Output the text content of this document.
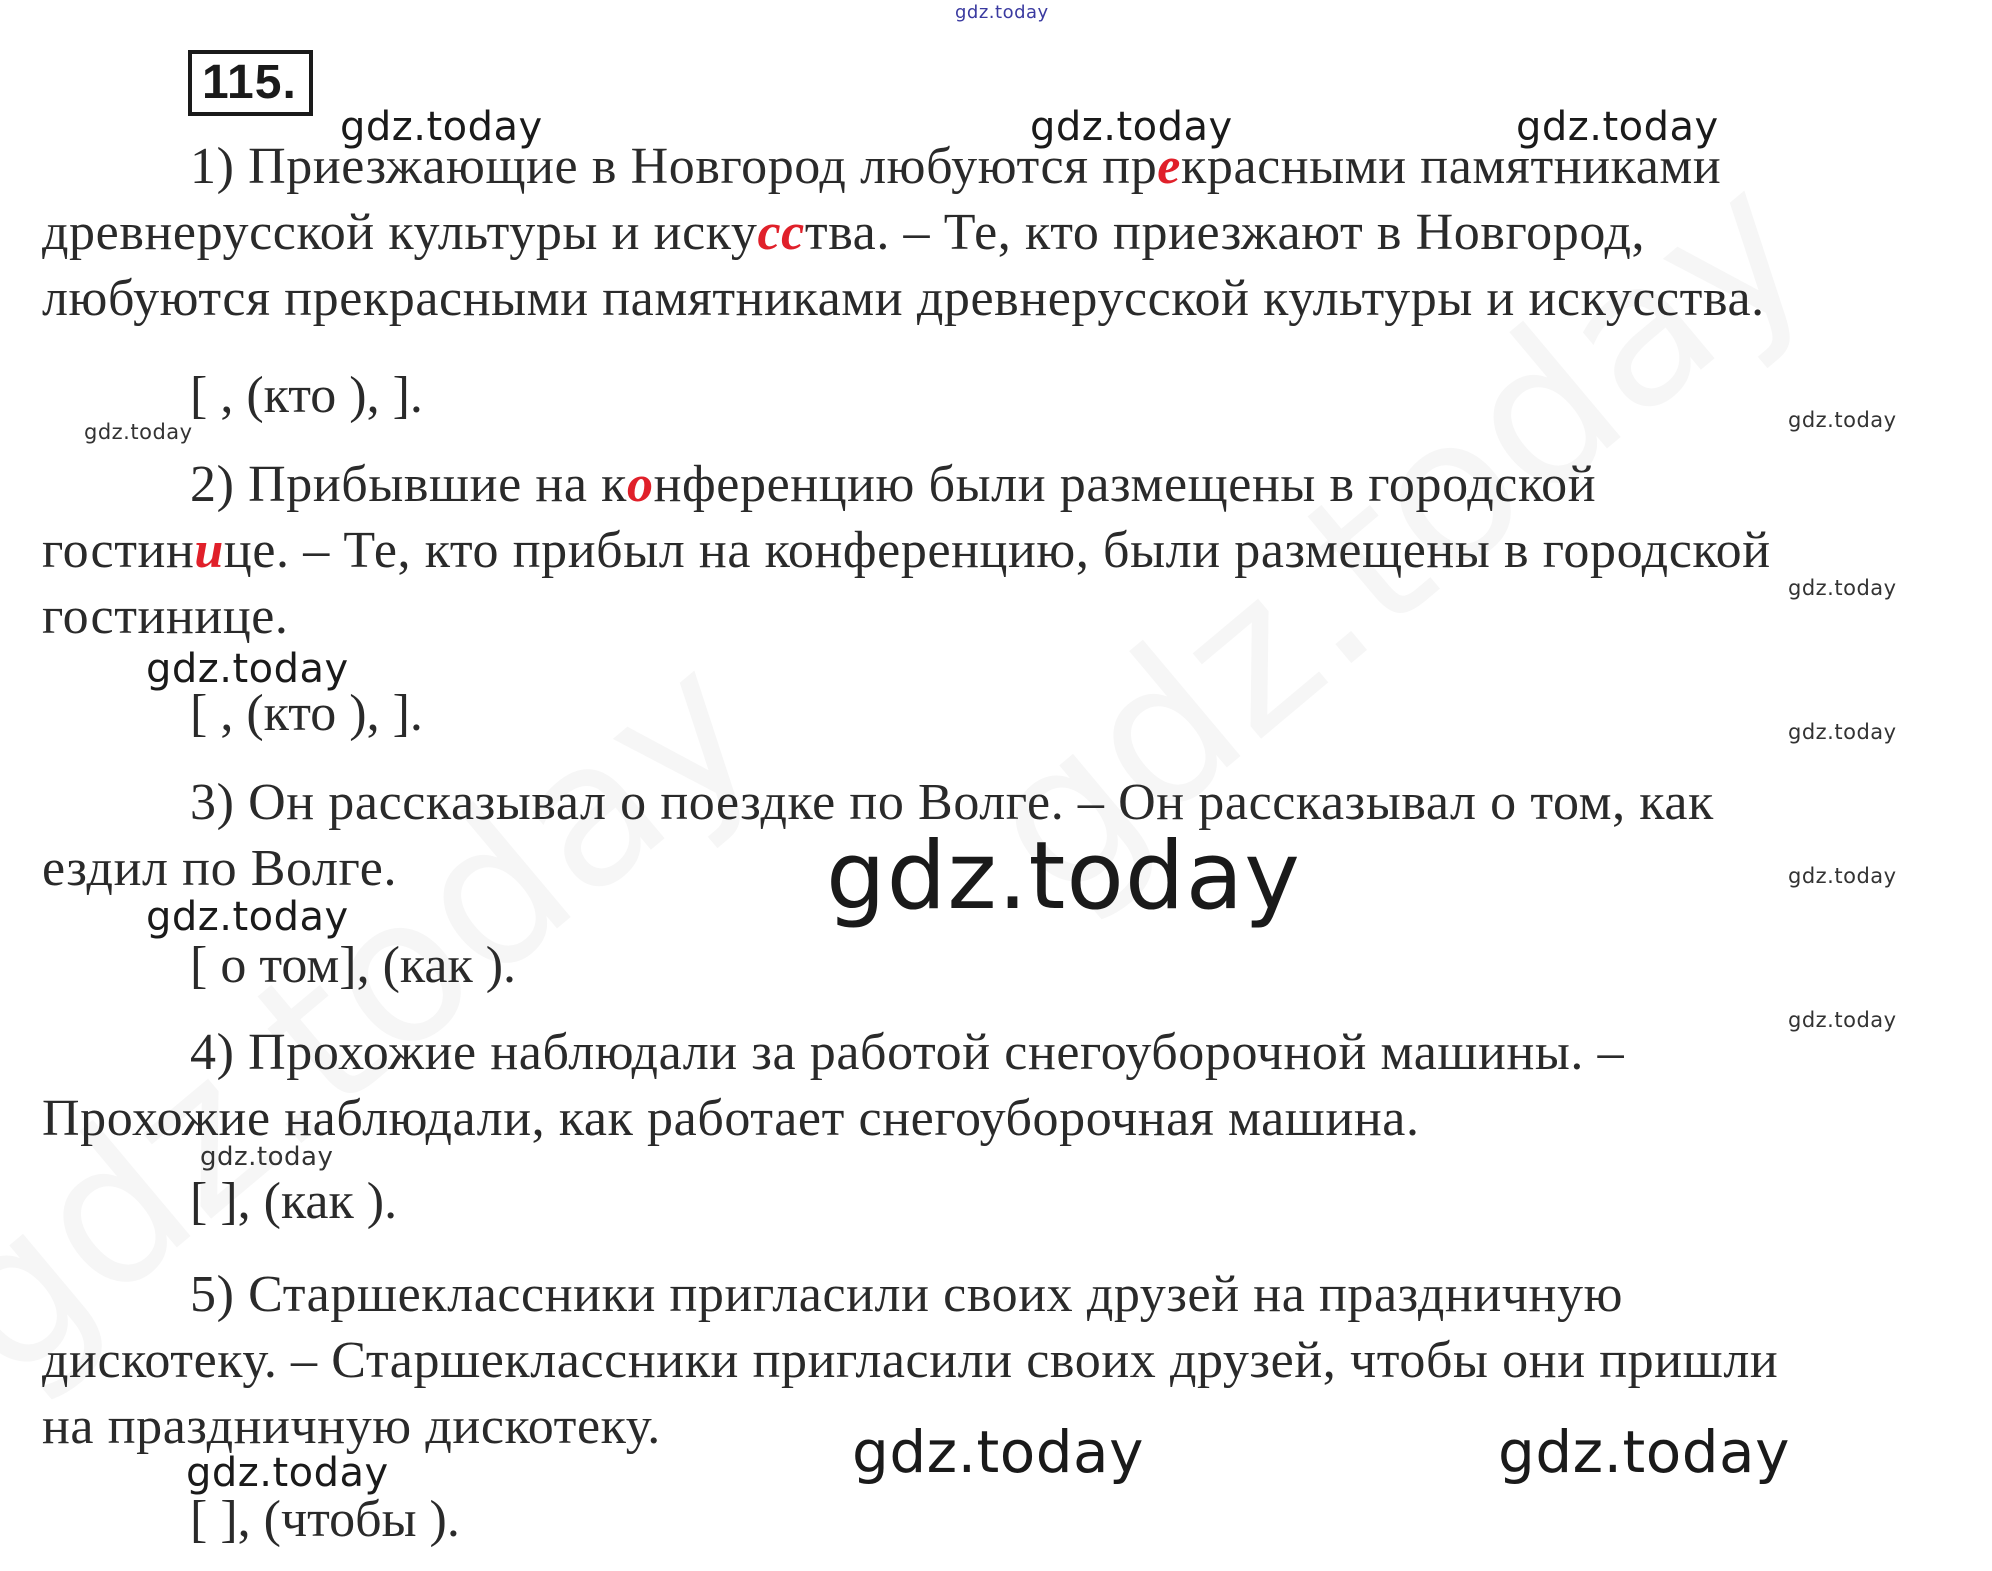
gdz.today
115.
1) Приезжающие в Новгород любуются прекрасными памятниками
древнерусской культуры и искусства. – Те, кто приезжают в Новгород,
любуются прекрасными памятниками древнерусской культуры и искусства.
[ , (кто ), ].
2) Прибывшие на конференцию были размещены в городской
гостинице. – Те, кто прибыл на конференцию, были размещены в городской
гостинице.
[ , (кто ), ].
3) Он рассказывал о поездке по Волге. – Он рассказывал о том, как
ездил по Волге.
[ о том], (как ).
4) Прохожие наблюдали за работой снегоуборочной машины. –
Прохожие наблюдали, как работает снегоуборочная машина.
[ ], (как ).
5) Старшеклассники пригласили своих друзей на праздничную
дискотеку. – Старшеклассники пригласили своих друзей, чтобы они пришли
на праздничную дискотеку.
[ ], (чтобы ).
gdz.today	gdz.today	gdz.today
gdz.today	gdz.today
gdz.today
gdz.today
gdz.today
gdz.today
gdz.today
gdz.today
gdz.today
gdz.today
gdz.today
gdz.today	gdz.today
